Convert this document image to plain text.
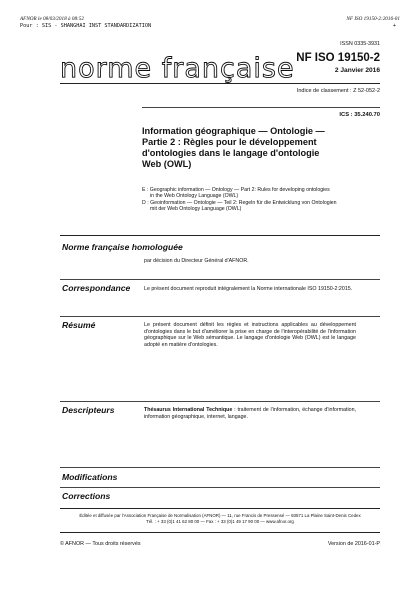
AFNOR le 08/03/2018 à 08:52	NF ISO 19150-2:2016-01
Pour : SIS - SHANGHAI INST STANDARDIZATION	+
ISSN 0335-3931
norme française NF ISO 19150-2
2 Janvier 2016
Indice de classement : Z 52-052-2
ICS : 35.240.70
Information géographique — Ontologie —
Partie 2 : Règles pour le développement
d'ontologies dans le langage d'ontologie
Web (OWL)
E : Geographic information — Ontology — Part 2: Rules for developing ontologies
in the Web Ontology Language (OWL)
D : Geoinformation — Ontologie — Teil 2: Regeln für die Entwicklung von Ontologien
mit der Web Ontology Language (OWL)
Norme française homologuée
par décision du Directeur Général d'AFNOR.
Correspondance	Le présent document reproduit intégralement la Norme internationale ISO 19150-2:2015.
Résumé	Le présent document définit les règles et instructions applicables au développement d'ontologies dans le but d'améliorer la prise en charge de l'interopérabilité de l'information géographique sur le Web sémantique. Le langage d'ontologie Web (OWL) est le langage adopté en matière d'ontologies.
Descripteurs	Thésaurus International Technique : traitement de l'information, échange d'information, information géographique, internet, langage.
Modifications
Corrections
Éditée et diffusée par l'Association Française de Normalisation (AFNOR) — 11, rue Francis de Pressensé — 93571 La Plaine Saint-Denis Cedex
Tél. : + 33 (0)1 41 62 80 00 — Fax : + 33 (0)1 49 17 90 00 — www.afnor.org
© AFNOR — Tous droits réservés	Version de 2016-01-P
